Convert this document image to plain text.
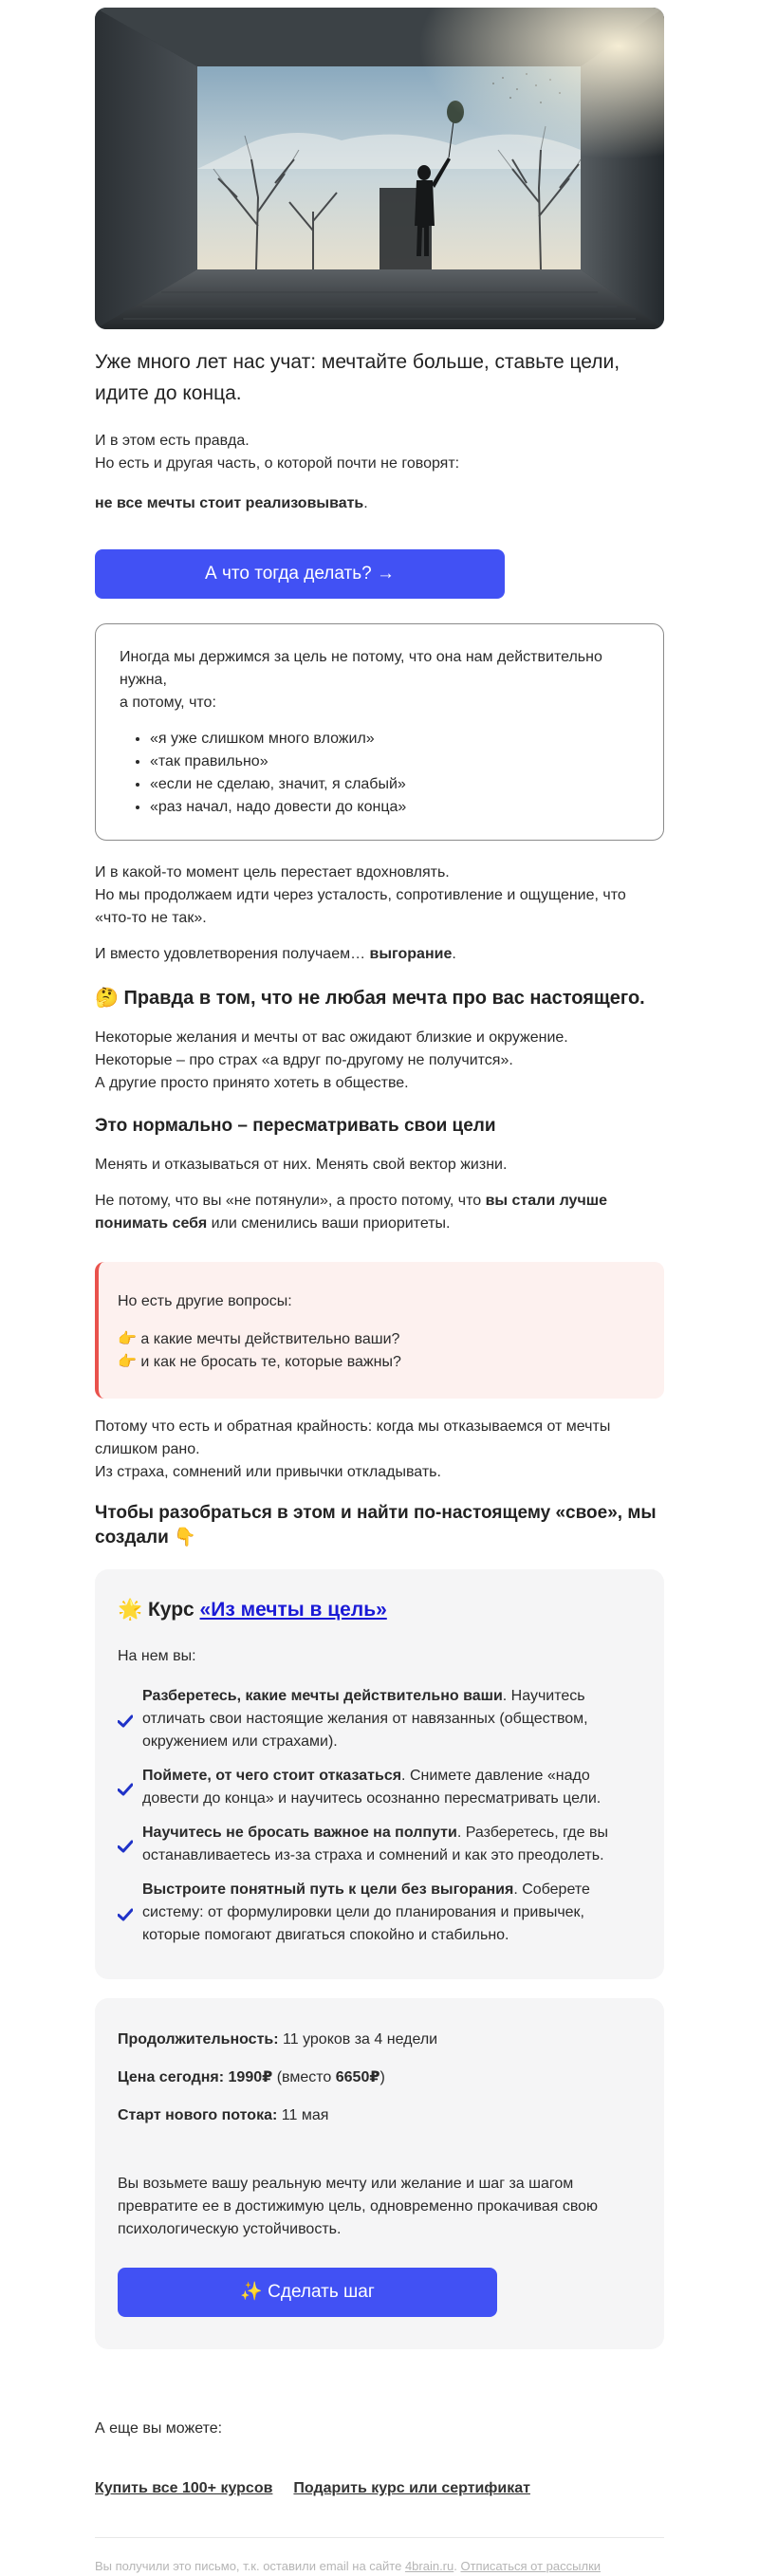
Уже много лет нас учат: мечтайте больше, ставьте цели, идите до конца.

И в этом есть правда.

Но есть и другая часть, о которой почти не говорят:

не все мечты стоит реализовывать.

А что тогда делать? →

Иногда мы держимся за цель не потому, что она нам действительно нужна,

а потому, что:

• «я уже слишком много вложил»
• «так правильно»
• «если не сделаю, значит, я слабый»
• «раз начал, надо довести до конца»

И в какой-то момент цель перестает вдохновлять.

Но мы продолжаем идти через усталость, сопротивление и ощущение, что «что-то не так».

И вместо удовлетворения получаем… выгорание.

🤔 Правда в том, что не любая мечта про вас настоящего.

Некоторые желания и мечты от вас ожидают близкие и окружение.

Некоторые – про страх «а вдруг по-другому не получится».

А другие просто принято хотеть в обществе.

Это нормально – пересматривать свои цели

Менять и отказываться от них. Менять свой вектор жизни.

Не потому, что вы «не потянули», а просто потому, что вы стали лучше понимать себя или сменились ваши приоритеты.

Но есть другие вопросы:

👉 а какие мечты действительно ваши?

👉 и как не бросать те, которые важны?

Потому что есть и обратная крайность: когда мы отказываемся от мечты слишком рано.

Из страха, сомнений или привычки откладывать.

Чтобы разобраться в этом и найти по-настоящему «свое», мы создали 👇
🌟 Курс «Из мечты в цель»

На нем вы:

Разберетесь, какие мечты действительно ваши. Научитесь отличать свои настоящие желания от навязанных (обществом, окружением или страхами).

Поймете, от чего стоит отказаться. Снимете давление «надо довести до конца» и научитесь осознанно пересматривать цели.

Научитесь не бросать важное на полпути. Разберетесь, где вы останавливаетесь из-за страха и сомнений и как это преодолеть.

Выстроите понятный путь к цели без выгорания. Соберете систему: от формулировки цели до планирования и привычек, которые помогают двигаться спокойно и стабильно.

Продолжительность: 11 уроков за 4 недели

Цена сегодня: 1990₽ (вместо 6650₽)

Старт нового потока: 11 мая

Вы возьмете вашу реальную мечту или желание и шаг за шагом превратите ее в достижимую цель, одновременно прокачивая свою психологическую устойчивость.

✨ Сделать шаг

А еще вы можете:

Купить все 100+ курсов Подарить курс или сертификат
Вы получили это письмо, т.к. оставили email на сайте 4brain.ru. Отписаться от рассылки
